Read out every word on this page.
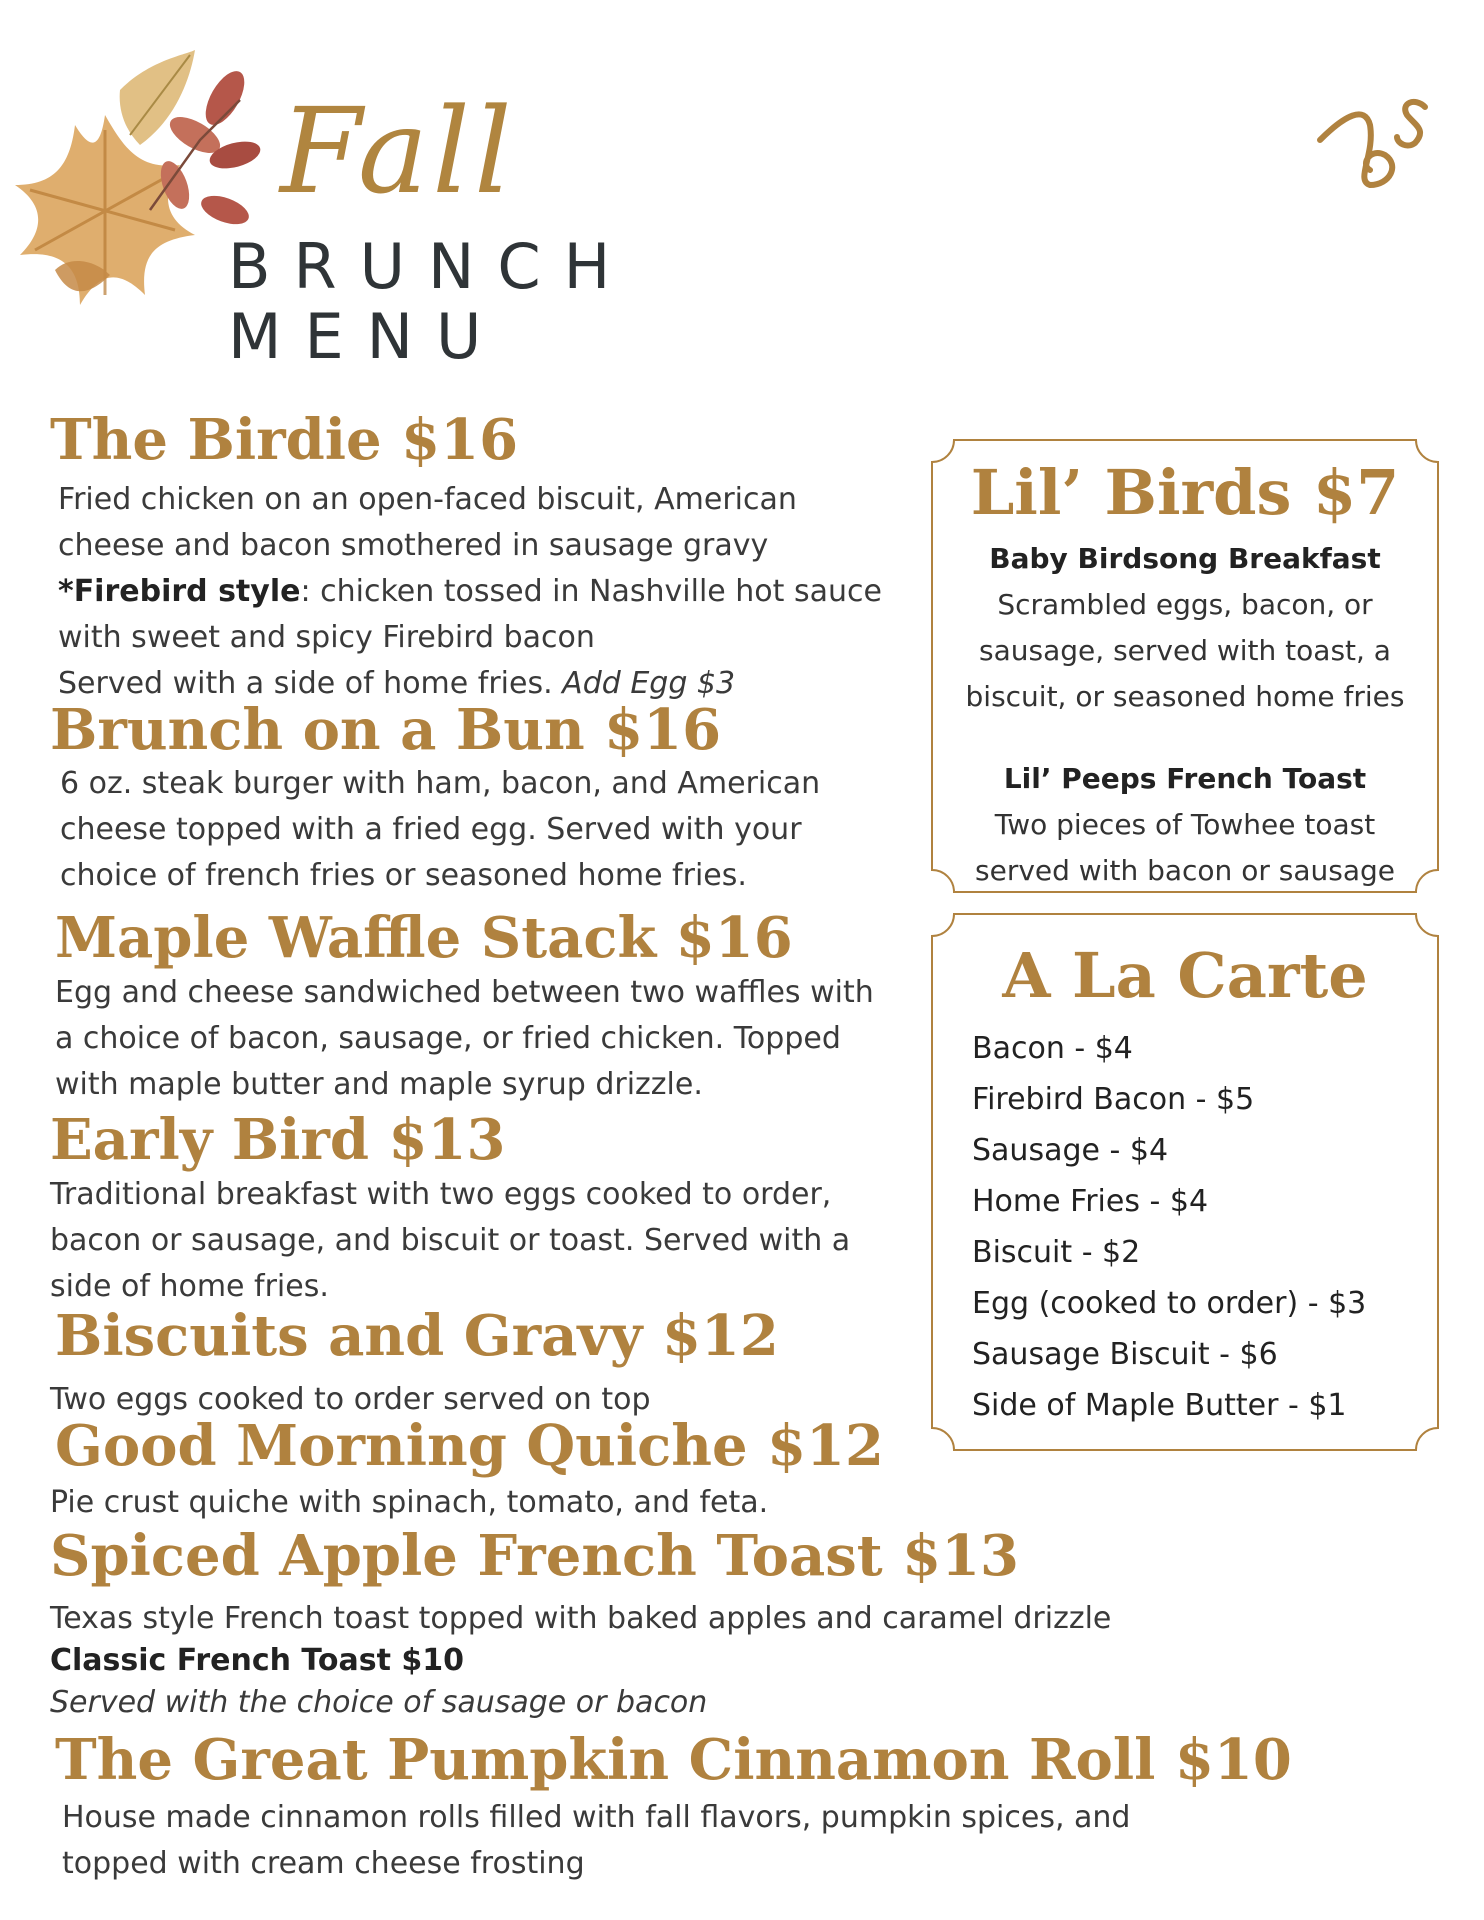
Fall
BRUNCH
MENU
The Birdie $16

Fried chicken on an open-faced biscuit, American

cheese and bacon smothered in sausage gravy

*Firebird style: chicken tossed in Nashville hot sauce

with sweet and spicy Firebird bacon

Served with a side of home fries. Add Egg $3

Brunch on a Bun $16

6 oz. steak burger with ham, bacon, and American

cheese topped with a fried egg. Served with your

choice of french fries or seasoned home fries.

Maple Waffle Stack $16

Egg and cheese sandwiched between two waffles with

a choice of bacon, sausage, or fried chicken. Topped

with maple butter and maple syrup drizzle.

Early Bird $13

Traditional breakfast with two eggs cooked to order,

bacon or sausage, and biscuit or toast. Served with a

side of home fries.

Biscuits and Gravy $12

Two eggs cooked to order served on top

Good Morning Quiche $12

Pie crust quiche with spinach, tomato, and feta.

Spiced Apple French Toast $13

Texas style French toast topped with baked apples and caramel drizzle

Classic French Toast $10

Served with the choice of sausage or bacon

The Great Pumpkin Cinnamon Roll $10

House made cinnamon rolls filled with fall flavors, pumpkin spices, and

topped with cream cheese frosting

Lil’ Birds $7
Baby Birdsong Breakfast
Scrambled eggs, bacon, or
sausage, served with toast, a
biscuit, or seasoned home fries
Lil’ Peeps French Toast
Two pieces of Towhee toast
served with bacon or sausage
A La Carte
Bacon - $4
Firebird Bacon - $5
Sausage - $4
Home Fries - $4
Biscuit - $2
Egg (cooked to order) - $3
Sausage Biscuit - $6
Side of Maple Butter - $1
